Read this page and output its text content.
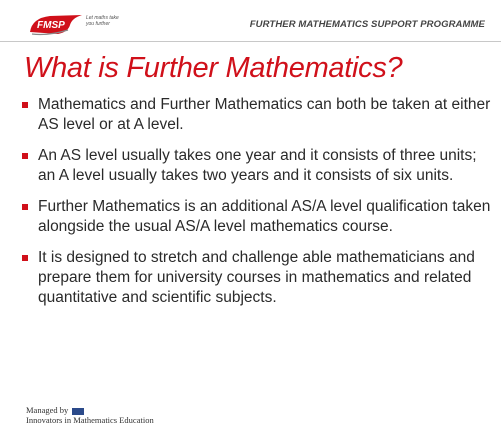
FMSP
Let maths take you further	FURTHER MATHEMATICS SUPPORT PROGRAMME
What is Further Mathematics?
Mathematics and Further Mathematics can both be taken at either AS level or at A level.
An AS level usually takes one year and it consists of three units; an A level usually takes two years and it consists of six units.
Further Mathematics is an additional AS/A level qualification taken alongside the usual AS/A level mathematics course.
It is designed to stretch and challenge able mathematicians and prepare them for university courses in mathematics and related quantitative and scientific subjects.
Managed by
Innovators in Mathematics Education
